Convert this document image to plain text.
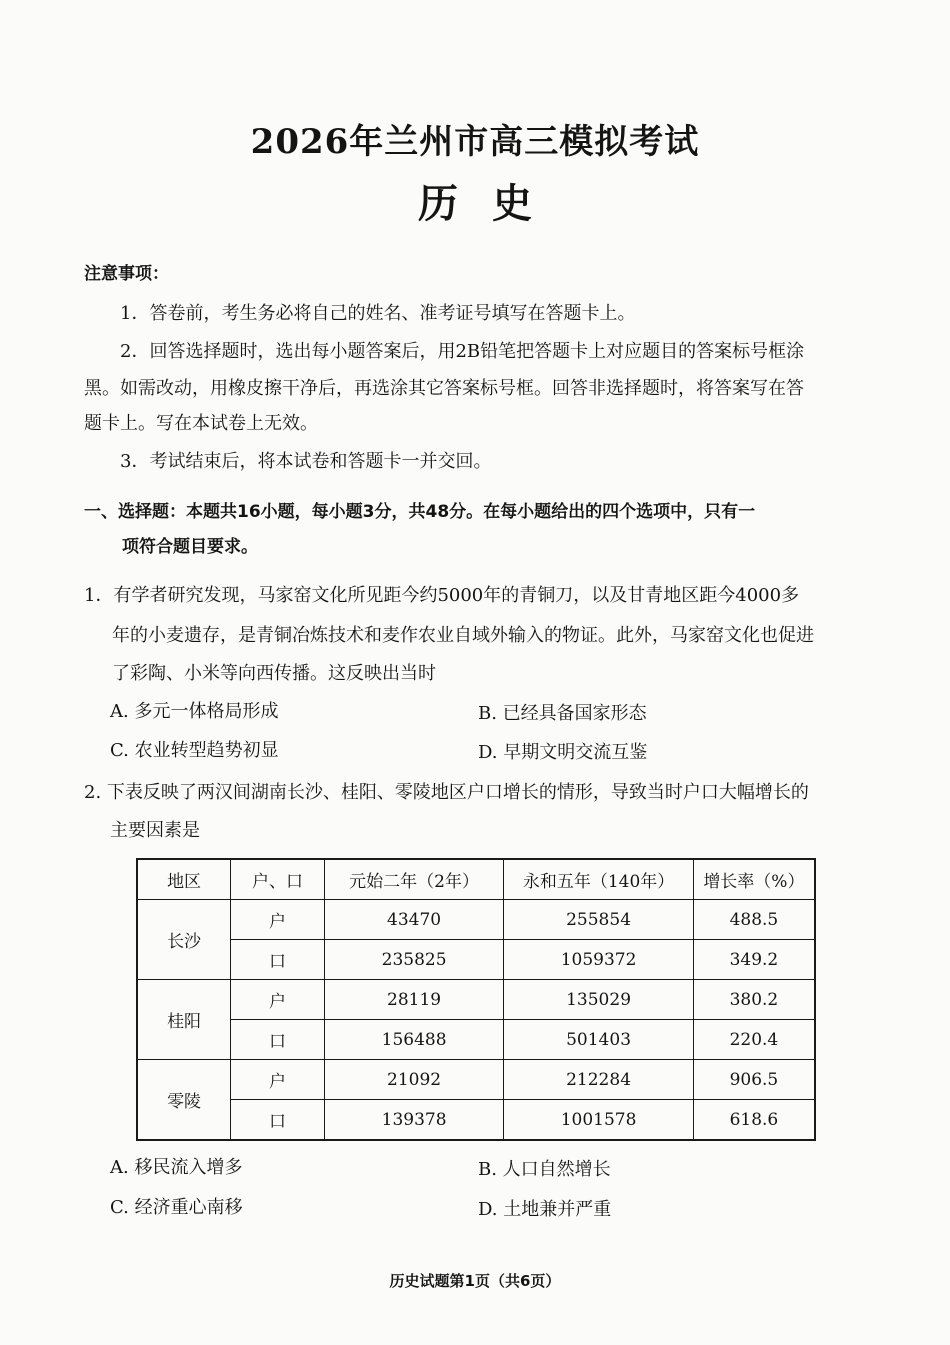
2026年兰州市高三模拟考试
历史
注意事项：
1．答卷前，考生务必将自己的姓名、准考证号填写在答题卡上。
2．回答选择题时，选出每小题答案后，用2B铅笔把答题卡上对应题目的答案标号框涂
黑。如需改动，用橡皮擦干净后，再选涂其它答案标号框。回答非选择题时，将答案写在答
题卡上。写在本试卷上无效。
3．考试结束后，将本试卷和答题卡一并交回。
一、选择题：本题共16小题，每小题3分，共48分。在每小题给出的四个选项中，只有一
项符合题目要求。
1．有学者研究发现，马家窑文化所见距今约5000年的青铜刀，以及甘青地区距今4000多
年的小麦遗存，是青铜冶炼技术和麦作农业自域外输入的物证。此外，马家窑文化也促进
了彩陶、小米等向西传播。这反映出当时
A. 多元一体格局形成	B. 已经具备国家形态
C. 农业转型趋势初显	D. 早期文明交流互鉴
2. 下表反映了两汉间湖南长沙、桂阳、零陵地区户口增长的情形，导致当时户口大幅增长的
主要因素是
地区	户、口	元始二年（2年）	永和五年（140年）	增长率（%）
长沙	户	43470	255854	488.5
	口	235825	1059372	349.2
桂阳	户	28119	135029	380.2
	口	156488	501403	220.4
零陵	户	21092	212284	906.5
	口	139378	1001578	618.6
A. 移民流入增多	B. 人口自然增长
C. 经济重心南移	D. 土地兼并严重
历史试题第1页（共6页）
